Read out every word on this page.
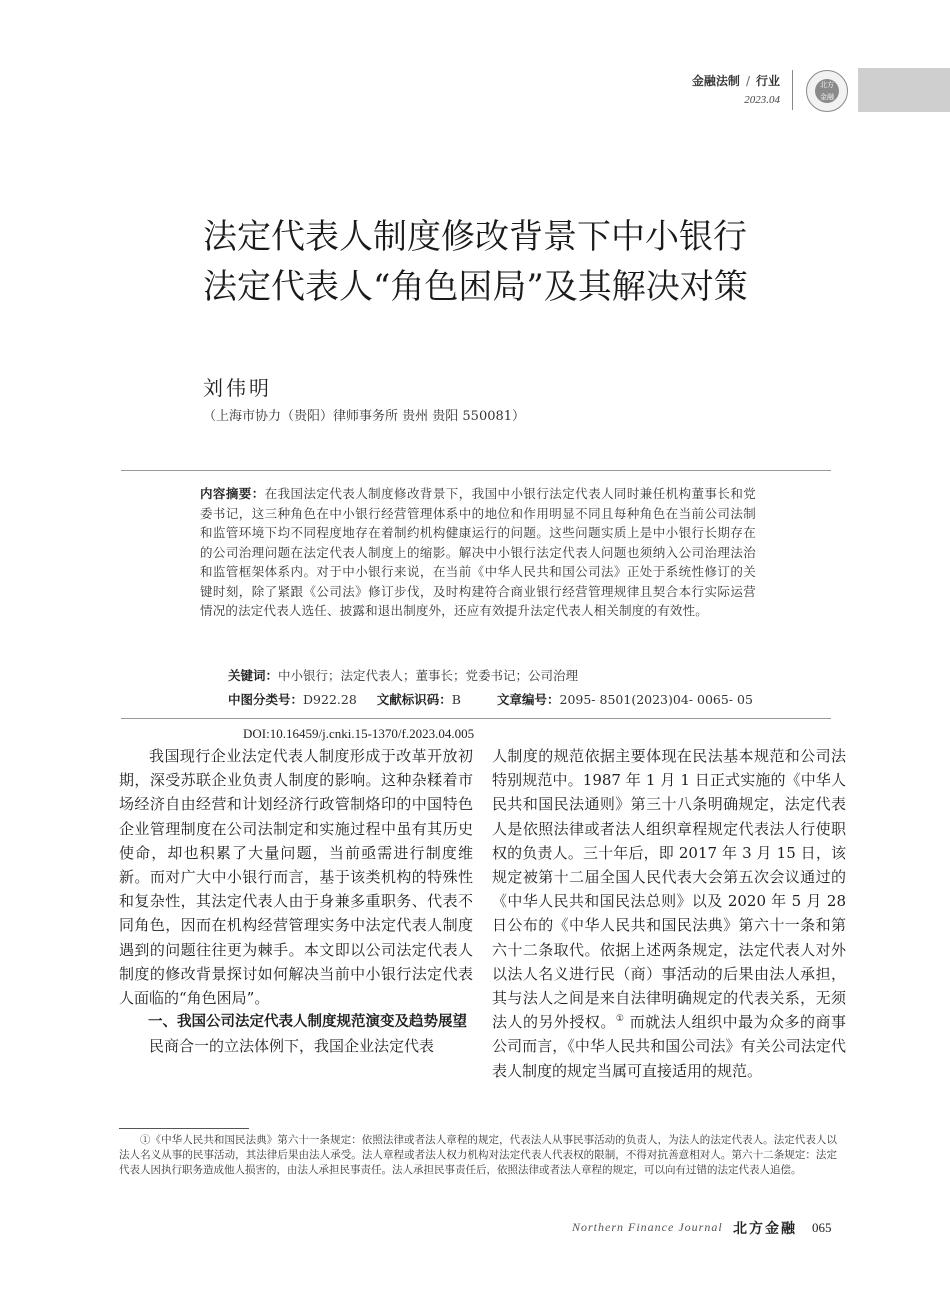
金融法制 / 行业
2023.04
北方
金融
法定代表人制度修改背景下中小银行
法定代表人“角色困局”及其解决对策
刘伟明
（上海市协力（贵阳）律师事务所 贵州 贵阳 550081）
内容摘要：在我国法定代表人制度修改背景下，我国中小银行法定代表人同时兼任机构董事长和党委书记，这三种角色在中小银行经营管理体系中的地位和作用明显不同且每种角色在当前公司法制和监管环境下均不同程度地存在着制约机构健康运行的问题。这些问题实质上是中小银行长期存在的公司治理问题在法定代表人制度上的缩影。解决中小银行法定代表人问题也须纳入公司治理法治和监管框架体系内。对于中小银行来说，在当前《中华人民共和国公司法》正处于系统性修订的关键时刻，除了紧跟《公司法》修订步伐，及时构建符合商业银行经营管理规律且契合本行实际运营情况的法定代表人选任、披露和退出制度外，还应有效提升法定代表人相关制度的有效性。
关键词：中小银行；法定代表人；董事长；党委书记；公司治理
中图分类号：D922.28 文献标识码：B	文章编号：2095- 8501(2023)04- 0065- 05
DOI:10.16459/j.cnki.15-1370/f.2023.04.005

我国现行企业法定代表人制度形成于改革开放初期，深受苏联企业负责人制度的影响。这种杂糅着市场经济自由经营和计划经济行政管制烙印的中国特色企业管理制度在公司法制定和实施过程中虽有其历史使命，却也积累了大量问题，当前亟需进行制度维新。而对广大中小银行而言，基于该类机构的特殊性和复杂性，其法定代表人由于身兼多重职务、代表不同角色，因而在机构经营管理实务中法定代表人制度遇到的问题往往更为棘手。本文即以公司法定代表人制度的修改背景探讨如何解决当前中小银行法定代表人面临的“角色困局”。

一、我国公司法定代表人制度规范演变及趋势展望

民商合一的立法体例下，我国企业法定代表

人制度的规范依据主要体现在民法基本规范和公司法特别规范中。1987 年 1 月 1 日正式实施的《中华人民共和国民法通则》第三十八条明确规定，法定代表人是依照法律或者法人组织章程规定代表法人行使职权的负责人。三十年后，即 2017 年 3 月 15 日，该规定被第十二届全国人民代表大会第五次会议通过的《中华人民共和国民法总则》以及 2020 年 5 月 28 日公布的《中华人民共和国民法典》第六十一条和第六十二条取代。依据上述两条规定，法定代表人对外以法人名义进行民（商）事活动的后果由法人承担，其与法人之间是来自法律明确规定的代表关系，无须法人的另外授权。① 而就法人组织中最为众多的商事公司而言，《中华人民共和国公司法》有关公司法定代表人制度的规定当属可直接适用的规范。

①《中华人民共和国民法典》第六十一条规定：依照法律或者法人章程的规定，代表法人从事民事活动的负责人，为法人的法定代表人。法定代表人以法人名义从事的民事活动，其法律后果由法人承受。法人章程或者法人权力机构对法定代表人代表权的限制，不得对抗善意相对人。第六十二条规定：法定代表人因执行职务造成他人损害的，由法人承担民事责任。法人承担民事责任后，依照法律或者法人章程的规定，可以向有过错的法定代表人追偿。
Northern Finance Journal 北方金融 065
